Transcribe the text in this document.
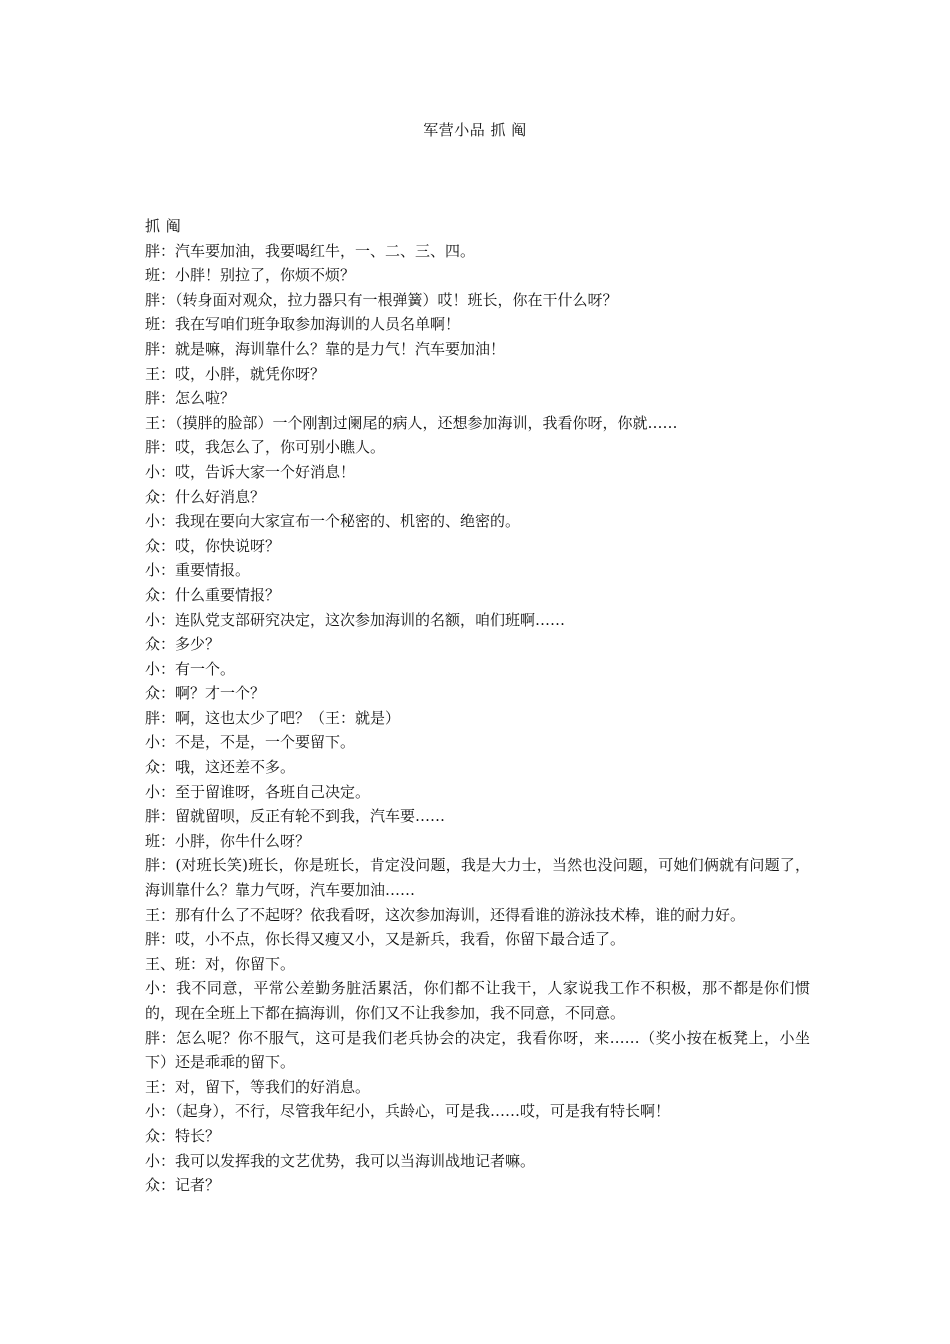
军营小品 抓 阄

抓 阄

胖：汽车要加油，我要喝红牛，一、二、三、四。

班：小胖！别拉了，你烦不烦？

胖：（转身面对观众，拉力器只有一根弹簧）哎！班长，你在干什么呀？

班：我在写咱们班争取参加海训的人员名单啊！

胖：就是嘛，海训靠什么？靠的是力气！汽车要加油！

王：哎，小胖，就凭你呀？

胖：怎么啦？

王：（摸胖的脸部）一个刚割过阑尾的病人，还想参加海训，我看你呀，你就……

胖：哎，我怎么了，你可别小瞧人。

小：哎，告诉大家一个好消息！

众：什么好消息？

小：我现在要向大家宣布一个秘密的、机密的、绝密的。

众：哎，你快说呀？

小：重要情报。

众：什么重要情报？

小：连队党支部研究决定，这次参加海训的名额，咱们班啊……

众：多少？

小：有一个。

众：啊？才一个？

胖：啊，这也太少了吧？（王：就是）

小：不是，不是，一个要留下。

众：哦，这还差不多。

小：至于留谁呀，各班自己决定。

胖：留就留呗，反正有轮不到我，汽车要……

班：小胖，你牛什么呀？

胖：(对班长笑)班长，你是班长，肯定没问题，我是大力士，当然也没问题，可她们俩就有问题了，海训靠什么？靠力气呀，汽车要加油……

王：那有什么了不起呀？依我看呀，这次参加海训，还得看谁的游泳技术棒，谁的耐力好。

胖：哎，小不点，你长得又瘦又小，又是新兵，我看，你留下最合适了。

王、班：对，你留下。

小：我不同意，平常公差勤务脏活累活，你们都不让我干，人家说我工作不积极，那不都是你们惯的，现在全班上下都在搞海训，你们又不让我参加，我不同意，不同意。

胖：怎么呢？你不服气，这可是我们老兵协会的决定，我看你呀，来……（奖小按在板凳上，小坐下）还是乖乖的留下。

王：对，留下，等我们的好消息。

小：（起身），不行，尽管我年纪小，兵龄心，可是我……哎，可是我有特长啊！

众：特长？

小：我可以发挥我的文艺优势，我可以当海训战地记者嘛。

众：记者？
